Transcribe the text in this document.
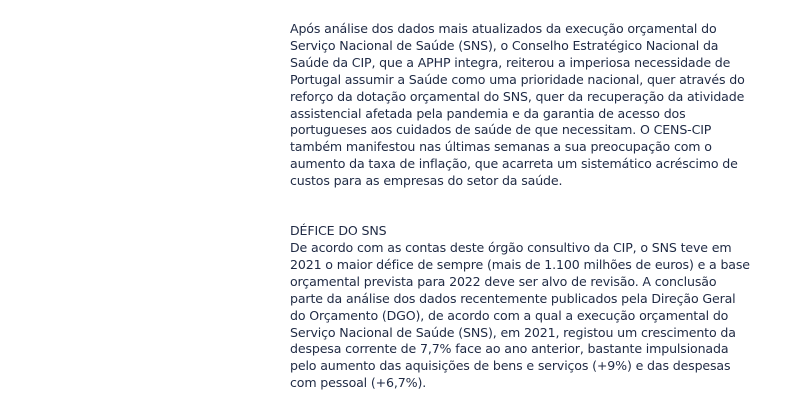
Após análise dos dados mais atualizados da execução orçamental do Serviço Nacional de Saúde (SNS), o Conselho Estratégico Nacional da Saúde da CIP, que a APHP integra, reiterou a imperiosa necessidade de Portugal assumir a Saúde como uma prioridade nacional, quer através do reforço da dotação orçamental do SNS, quer da recuperação da atividade assistencial afetada pela pandemia e da garantia de acesso dos portugueses aos cuidados de saúde de que necessitam. O CENS-CIP também manifestou nas últimas semanas a sua preocupação com o aumento da taxa de inflação, que acarreta um sistemático acréscimo de custos para as empresas do setor da saúde.

DÉFICE DO SNS

De acordo com as contas deste órgão consultivo da CIP, o SNS teve em 2021 o maior défice de sempre (mais de 1.100 milhões de euros) e a base orçamental prevista para 2022 deve ser alvo de revisão. A conclusão parte da análise dos dados recentemente publicados pela Direção Geral do Orçamento (DGO), de acordo com a qual a execução orçamental do Serviço Nacional de Saúde (SNS), em 2021, registou um crescimento da despesa corrente de 7,7% face ao ano anterior, bastante impulsionada pelo aumento das aquisições de bens e serviços (+9%) e das despesas com pessoal (+6,7%).
